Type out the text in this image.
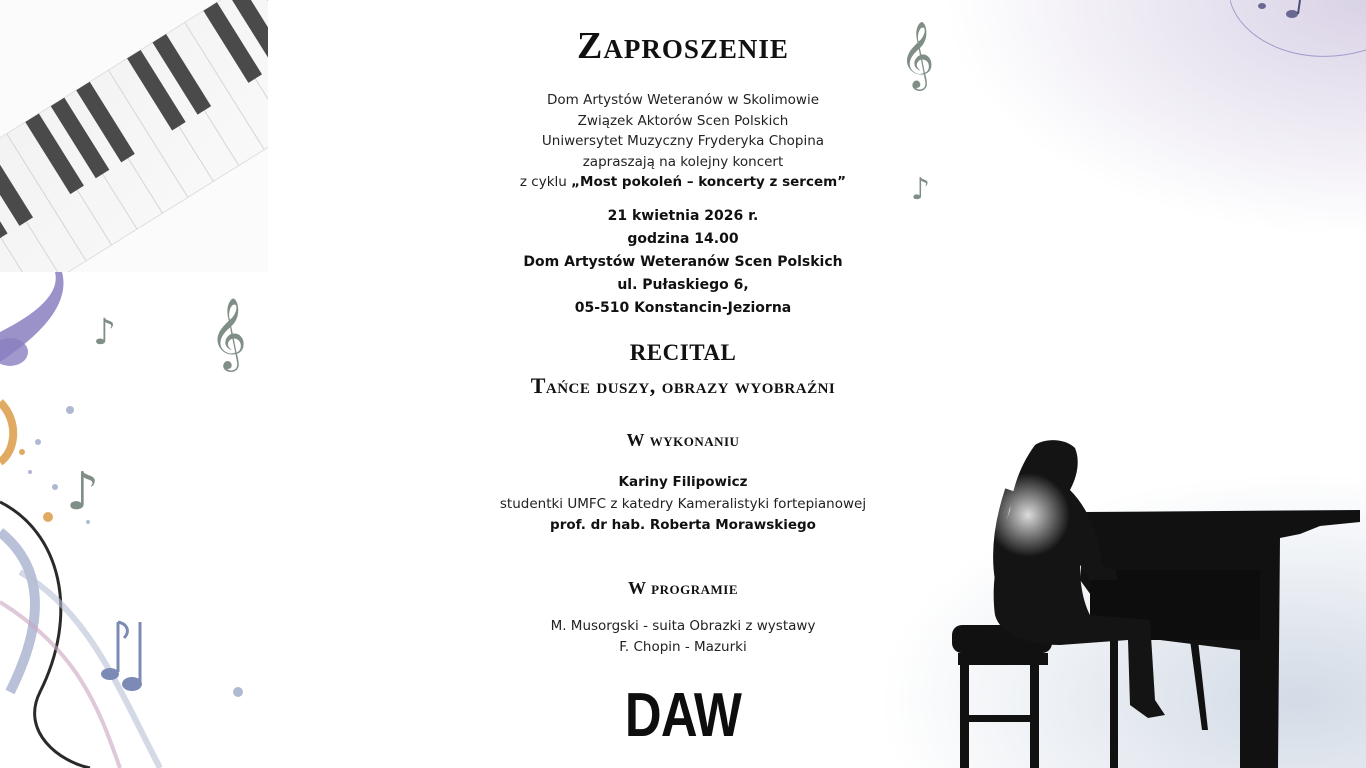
𝄞
♪
♪ 𝄞
♪
Zaproszenie
Dom Artystów Weteranów w Skolimowie
Związek Aktorów Scen Polskich
Uniwersytet Muzyczny Fryderyka Chopina
zapraszają na kolejny koncert
z cyklu „Most pokoleń – koncerty z sercem”
21 kwietnia 2026 r.
godzina 14.00
Dom Artystów Weteranów Scen Polskich
ul. Pułaskiego 6,
05-510 Konstancin-Jeziorna
RECITAL
Tańce duszy, obrazy wyobraźni
W wykonaniu
Kariny Filipowicz
studentki UMFC z katedry Kameralistyki fortepianowej
prof. dr hab. Roberta Morawskiego
W programie
M. Musorgski - suita Obrazki z wystawy
F. Chopin - Mazurki
DAW
